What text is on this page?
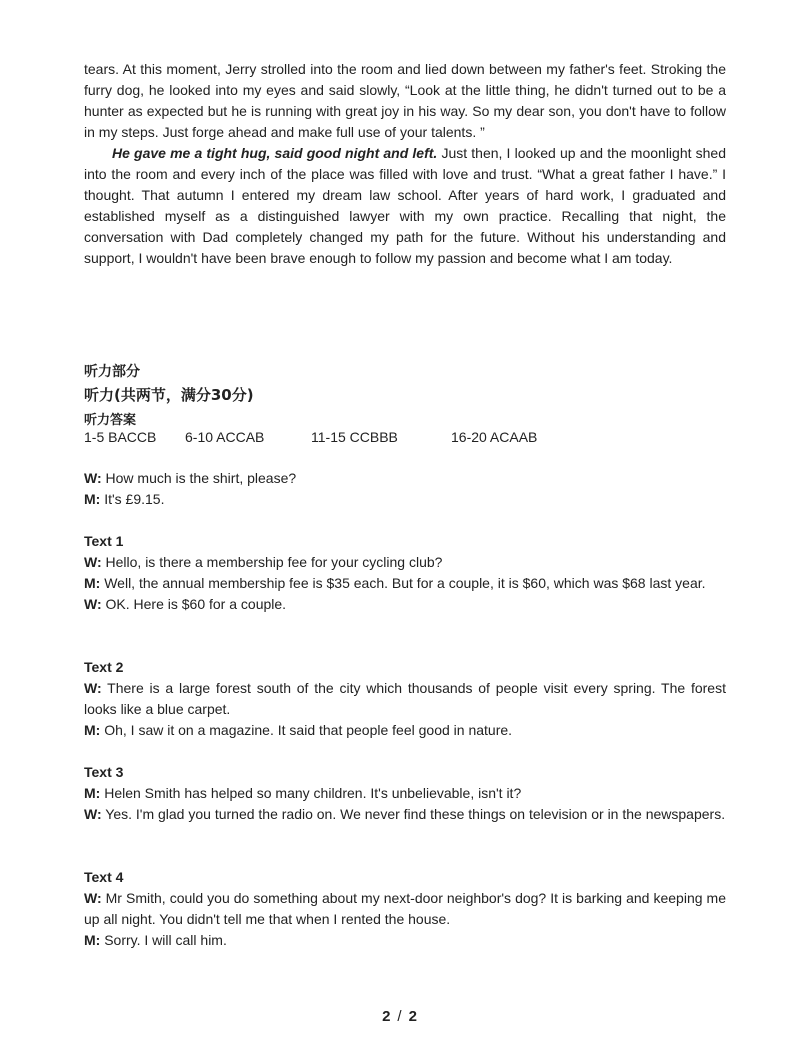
tears. At this moment, Jerry strolled into the room and lied down between my father's feet. Stroking the furry dog, he looked into my eyes and said slowly, “Look at the little thing, he didn't turned out to be a hunter as expected but he is running with great joy in his way. So my dear son, you don't have to follow in my steps. Just forge ahead and make full use of your talents. ”

He gave me a tight hug, said good night and left. Just then, I looked up and the moonlight shed into the room and every inch of the place was filled with love and trust. “What a great father I have.” I thought. That autumn I entered my dream law school. After years of hard work, I graduated and established myself as a distinguished lawyer with my own practice. Recalling that night, the conversation with Dad completely changed my path for the future. Without his understanding and support, I wouldn't have been brave enough to follow my passion and become what I am today.

听力部分
听力(共两节，满分30分)
听力答案
1-5 BACCB 6-10 ACCAB	11-15 CCBBB	16-20 ACAAB

W: How much is the shirt, please?

M: It's £9.15.

Text 1

W: Hello, is there a membership fee for your cycling club?

M: Well, the annual membership fee is $35 each. But for a couple, it is $60, which was $68 last year.

W: OK. Here is $60 for a couple.

Text 2

W: There is a large forest south of the city which thousands of people visit every spring. The forest looks like a blue carpet.

M: Oh, I saw it on a magazine. It said that people feel good in nature.

Text 3

M: Helen Smith has helped so many children. It's unbelievable, isn't it?

W: Yes. I'm glad you turned the radio on. We never find these things on television or in the newspapers.

Text 4

W: Mr Smith, could you do something about my next-door neighbor's dog? It is barking and keeping me up all night. You didn't tell me that when I rented the house.

M: Sorry. I will call him.

2 / 2
